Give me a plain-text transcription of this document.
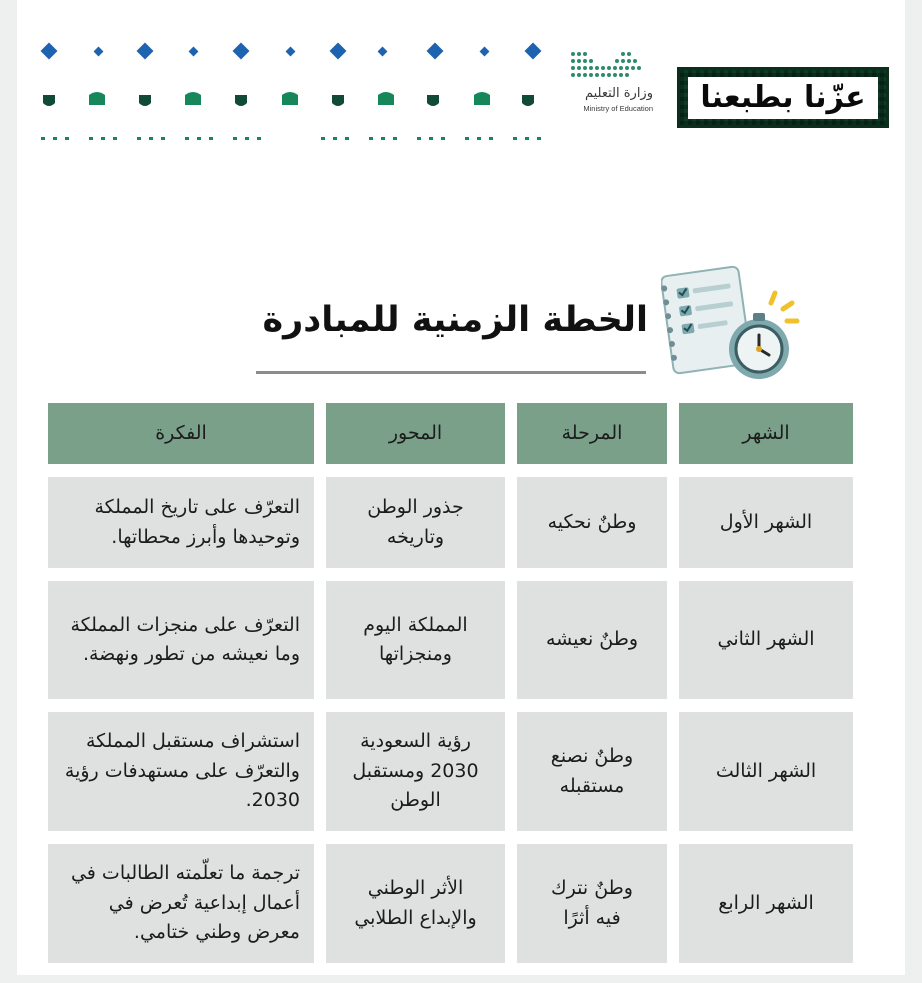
وزارة التعليم
Ministry of Education	عزّنا بطبعنا
الخطة الزمنية للمبادرة
الشهر
المرحلة
المحور
الفكرة
الشهر الأول
وطنٌ نحكيه
جذور الوطن وتاريخه
التعرّف على تاريخ المملكة وتوحيدها وأبرز محطاتها.
الشهر الثاني
وطنٌ نعيشه
المملكة اليوم ومنجزاتها
التعرّف على منجزات المملكة وما نعيشه من تطور ونهضة.
الشهر الثالث
وطنٌ نصنع مستقبله
رؤية السعودية 2030 ومستقبل الوطن
استشراف مستقبل المملكة والتعرّف على مستهدفات رؤية 2030.
الشهر الرابع
وطنٌ نترك فيه أثرًا
الأثر الوطني والإبداع الطلابي
ترجمة ما تعلّمته الطالبات في أعمال إبداعية تُعرض في معرض وطني ختامي.
